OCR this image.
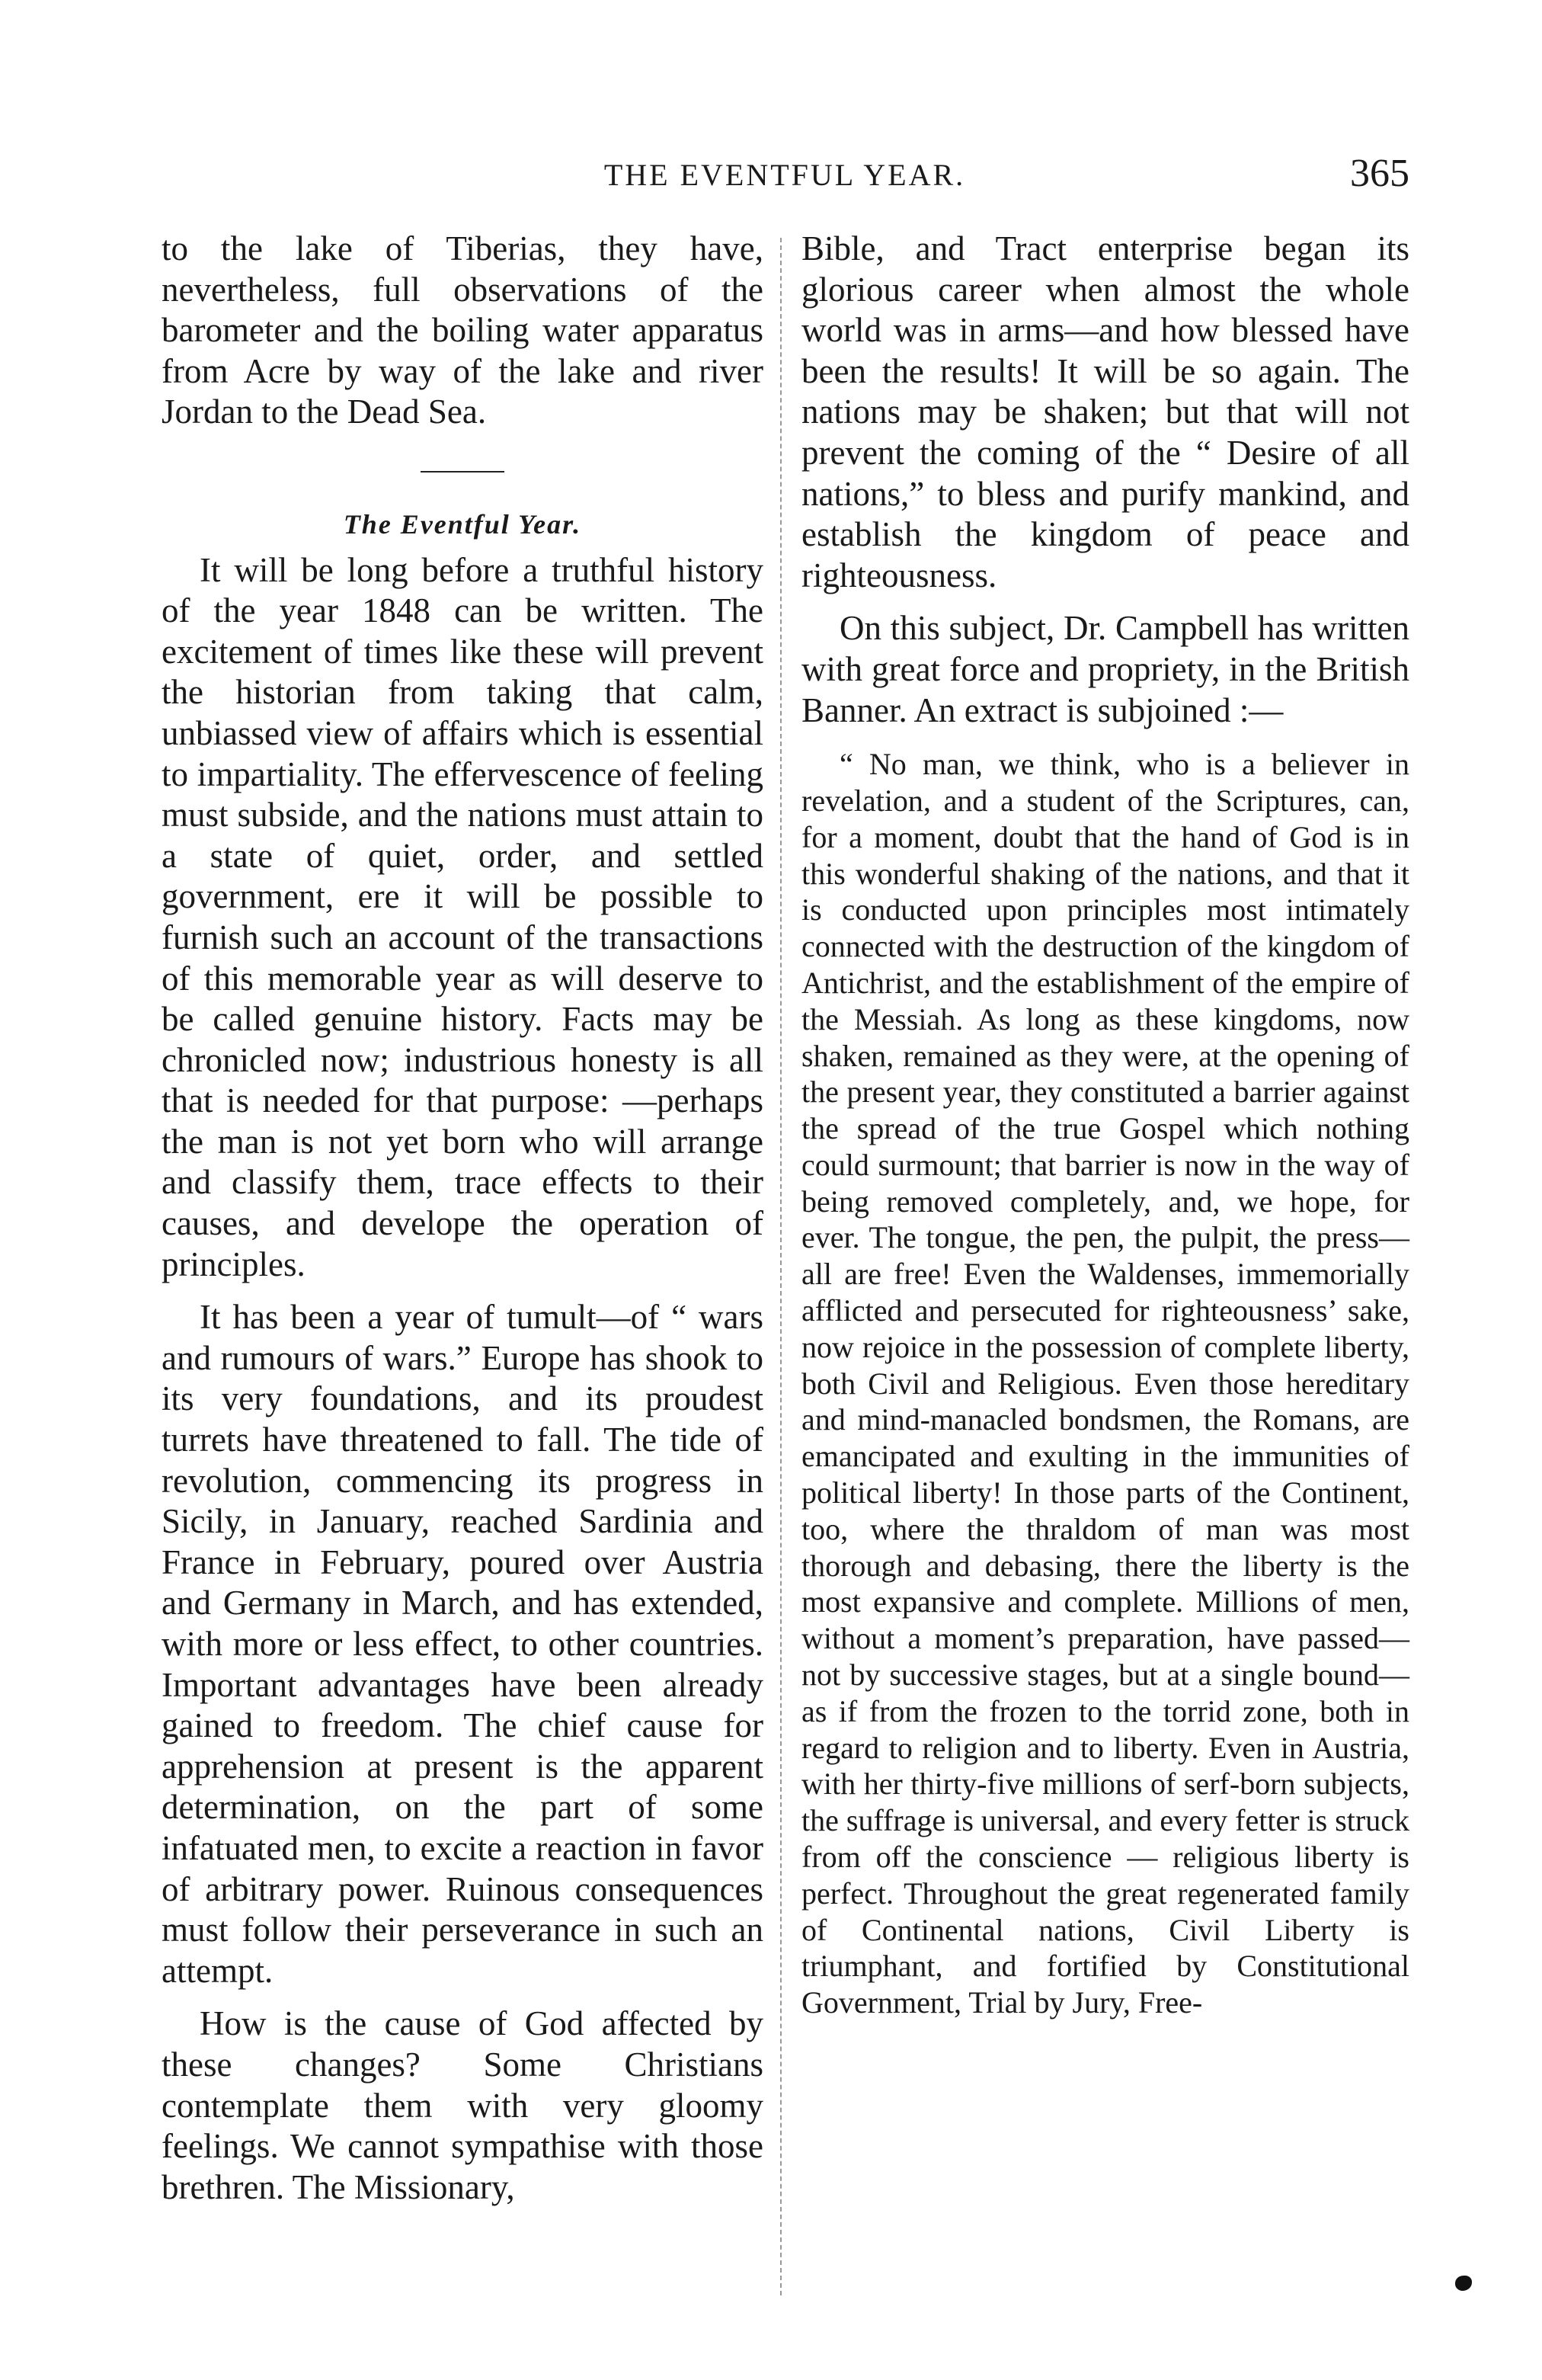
THE EVENTFUL YEAR.	365

to the lake of Tiberias, they have, nevertheless, full observations of the barometer and the boiling water apparatus from Acre by way of the lake and river Jordan to the Dead Sea.

The Eventful Year.

It will be long before a truthful history of the year 1848 can be written. The excitement of times like these will prevent the historian from taking that calm, unbiassed view of affairs which is essential to impartiality. The effervescence of feeling must subside, and the nations must attain to a state of quiet, order, and settled government, ere it will be possible to furnish such an account of the transactions of this memorable year as will deserve to be called genuine history. Facts may be chronicled now; industrious honesty is all that is needed for that purpose: —perhaps the man is not yet born who will arrange and classify them, trace effects to their causes, and develope the operation of principles.

It has been a year of tumult—of “ wars and rumours of wars.” Europe has shook to its very foundations, and its proudest turrets have threatened to fall. The tide of revolution, commencing its progress in Sicily, in January, reached Sardinia and France in February, poured over Austria and Germany in March, and has extended, with more or less effect, to other countries. Important advantages have been already gained to freedom. The chief cause for apprehension at present is the apparent determination, on the part of some infatuated men, to excite a reaction in favor of arbitrary power. Ruinous consequences must follow their perseverance in such an attempt.

How is the cause of God affected by these changes? Some Christians contemplate them with very gloomy feelings. We cannot sympathise with those brethren. The Missionary,

Bible, and Tract enterprise began its glorious career when almost the whole world was in arms—and how blessed have been the results! It will be so again. The nations may be shaken; but that will not prevent the coming of the “ Desire of all nations,” to bless and purify mankind, and establish the kingdom of peace and righteousness.

On this subject, Dr. Campbell has written with great force and propriety, in the British Banner. An extract is subjoined :—

“ No man, we think, who is a believer in revelation, and a student of the Scriptures, can, for a moment, doubt that the hand of God is in this wonderful shaking of the nations, and that it is conducted upon principles most intimately connected with the destruction of the kingdom of Antichrist, and the establishment of the empire of the Messiah. As long as these kingdoms, now shaken, remained as they were, at the opening of the present year, they constituted a barrier against the spread of the true Gospel which nothing could surmount; that barrier is now in the way of being removed completely, and, we hope, for ever. The tongue, the pen, the pulpit, the press—all are free! Even the Waldenses, immemorially afflicted and persecuted for righteousness’ sake, now rejoice in the possession of complete liberty, both Civil and Religious. Even those hereditary and mind-manacled bondsmen, the Romans, are emancipated and exulting in the immunities of political liberty! In those parts of the Continent, too, where the thraldom of man was most thorough and debasing, there the liberty is the most expansive and complete. Millions of men, without a moment’s preparation, have passed—not by successive stages, but at a single bound—as if from the frozen to the torrid zone, both in regard to religion and to liberty. Even in Austria, with her thirty-five millions of serf-born subjects, the suffrage is universal, and every fetter is struck from off the conscience — religious liberty is perfect. Throughout the great regenerated family of Continental nations, Civil Liberty is triumphant, and fortified by Constitutional Government, Trial by Jury, Free-
